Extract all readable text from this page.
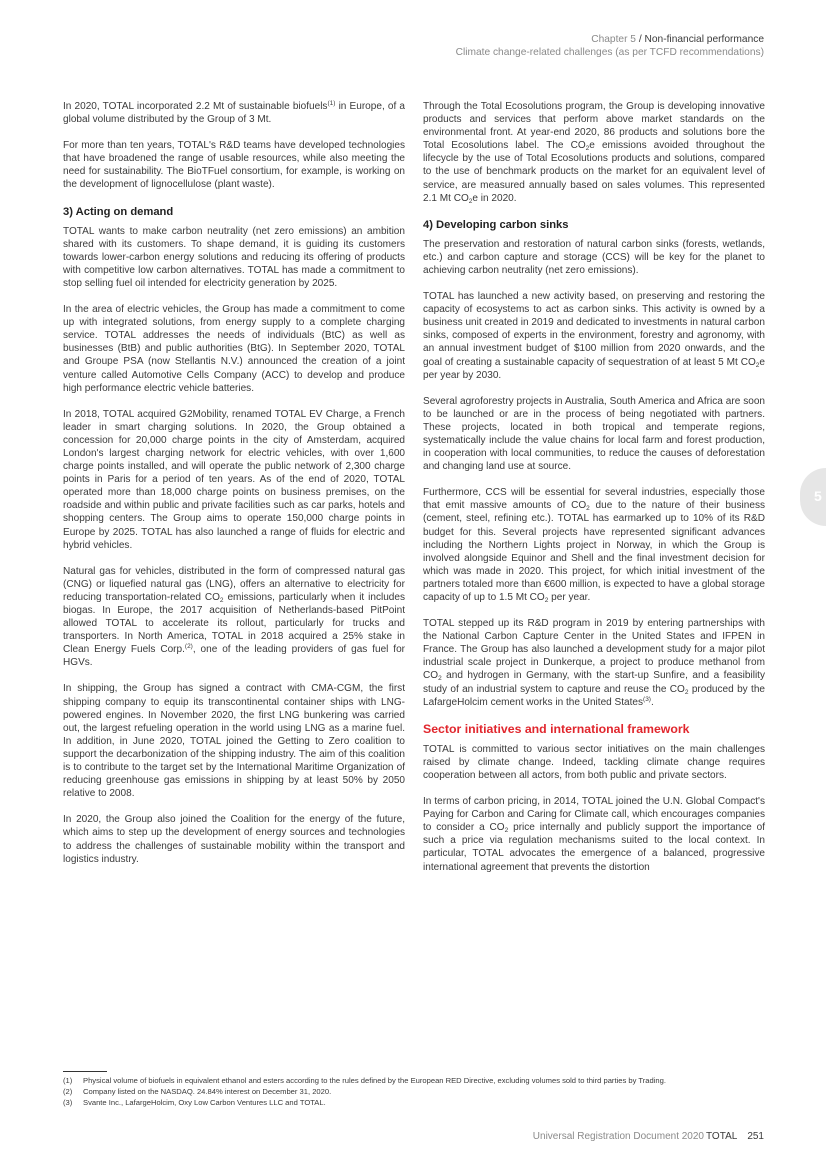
Chapter 5 / Non-financial performance
Climate change-related challenges (as per TCFD recommendations)

In 2020, TOTAL incorporated 2.2 Mt of sustainable biofuels$^{(1)}$ in Europe, of a global volume distributed by the Group of 3 Mt.

For more than ten years, TOTAL's R&D teams have developed technologies that have broadened the range of usable resources, while also meeting the need for sustainability. The BioTFuel consortium, for example, is working on the development of lignocellulose (plant waste).

3) Acting on demand

TOTAL wants to make carbon neutrality (net zero emissions) an ambition shared with its customers. To shape demand, it is guiding its customers towards lower-carbon energy solutions and reducing its offering of products with competitive low carbon alternatives. TOTAL has made a commitment to stop selling fuel oil intended for electricity generation by 2025.

In the area of electric vehicles, the Group has made a commitment to come up with integrated solutions, from energy supply to a complete charging service. TOTAL addresses the needs of individuals (BtC) as well as businesses (BtB) and public authorities (BtG). In September 2020, TOTAL and Groupe PSA (now Stellantis N.V.) announced the creation of a joint venture called Automotive Cells Company (ACC) to develop and produce high performance electric vehicle batteries.

In 2018, TOTAL acquired G2Mobility, renamed TOTAL EV Charge, a French leader in smart charging solutions. In 2020, the Group obtained a concession for 20,000 charge points in the city of Amsterdam, acquired London's largest charging network for electric vehicles, with over 1,600 charge points installed, and will operate the public network of 2,300 charge points in Paris for a period of ten years. As of the end of 2020, TOTAL operated more than 18,000 charge points on business premises, on the roadside and within public and private facilities such as car parks, hotels and shopping centers. The Group aims to operate 150,000 charge points in Europe by 2025. TOTAL has also launched a range of fluids for electric and hybrid vehicles.

Natural gas for vehicles, distributed in the form of compressed natural gas (CNG) or liquefied natural gas (LNG), offers an alternative to electricity for reducing transportation-related $CO_2$ emissions, particularly when it includes biogas. In Europe, the 2017 acquisition of Netherlands-based PitPoint allowed TOTAL to accelerate its rollout, particularly for trucks and transporters. In North America, TOTAL in 2018 acquired a 25% stake in Clean Energy Fuels Corp.$^{(2)}$, one of the leading providers of gas fuel for HGVs.

In shipping, the Group has signed a contract with CMA-CGM, the first shipping company to equip its transcontinental container ships with LNG-powered engines. In November 2020, the first LNG bunkering was carried out, the largest refueling operation in the world using LNG as a marine fuel. In addition, in June 2020, TOTAL joined the Getting to Zero coalition to support the decarbonization of the shipping industry. The aim of this coalition is to contribute to the target set by the International Maritime Organization of reducing greenhouse gas emissions in shipping by at least 50% by 2050 relative to 2008.

In 2020, the Group also joined the Coalition for the energy of the future, which aims to step up the development of energy sources and technologies to address the challenges of sustainable mobility within the transport and logistics industry.

Through the Total Ecosolutions program, the Group is developing innovative products and services that perform above market standards on the environmental front. At year-end 2020, 86 products and solutions bore the Total Ecosolutions label. The $CO_2e$ emissions avoided throughout the lifecycle by the use of Total Ecosolutions products and solutions, compared to the use of benchmark products on the market for an equivalent level of service, are measured annually based on sales volumes. This represented 2.1 Mt $CO_2e$ in 2020.

4) Developing carbon sinks

The preservation and restoration of natural carbon sinks (forests, wetlands, etc.) and carbon capture and storage (CCS) will be key for the planet to achieving carbon neutrality (net zero emissions).

TOTAL has launched a new activity based, on preserving and restoring the capacity of ecosystems to act as carbon sinks. This activity is owned by a business unit created in 2019 and dedicated to investments in natural carbon sinks, composed of experts in the environment, forestry and agronomy, with an annual investment budget of $100 million from 2020 onwards, and the goal of creating a sustainable capacity of sequestration of at least 5 Mt $CO_2e$ per year by 2030.

Several agroforestry projects in Australia, South America and Africa are soon to be launched or are in the process of being negotiated with partners. These projects, located in both tropical and temperate regions, systematically include the value chains for local farm and forest production, in cooperation with local communities, to reduce the causes of deforestation and changing land use at source.

Furthermore, CCS will be essential for several industries, especially those that emit massive amounts of $CO_2$ due to the nature of their business (cement, steel, refining etc.). TOTAL has earmarked up to 10% of its R&D budget for this. Several projects have represented significant advances including the Northern Lights project in Norway, in which the Group is involved alongside Equinor and Shell and the final investment decision for which was made in 2020. This project, for which initial investment of the partners totaled more than €600 million, is expected to have a global storage capacity of up to 1.5 Mt $CO_2$ per year.

TOTAL stepped up its R&D program in 2019 by entering partnerships with the National Carbon Capture Center in the United States and IFPEN in France. The Group has also launched a development study for a major pilot industrial scale project in Dunkerque, a project to produce methanol from $CO_2$ and hydrogen in Germany, with the start-up Sunfire, and a feasibility study of an industrial system to capture and reuse the $CO_2$ produced by the LafargeHolcim cement works in the United States$^{(3)}$.

Sector initiatives and international framework

TOTAL is committed to various sector initiatives on the main challenges raised by climate change. Indeed, tackling climate change requires cooperation between all actors, from both public and private sectors.

In terms of carbon pricing, in 2014, TOTAL joined the U.N. Global Compact's Paying for Carbon and Caring for Climate call, which encourages companies to consider a $CO_2$ price internally and publicly support the importance of such a price via regulation mechanisms suited to the local context. In particular, TOTAL advocates the emergence of a balanced, progressive international agreement that prevents the distortion

5
(1) Physical volume of biofuels in equivalent ethanol and esters according to the rules defined by the European RED Directive, excluding volumes sold to third parties by Trading.
(2) Company listed on the NASDAQ. 24.84% interest on December 31, 2020.
(3) Svante Inc., LafargeHolcim, Oxy Low Carbon Ventures LLC and TOTAL.
Universal Registration Document 2020 TOTAL 251
